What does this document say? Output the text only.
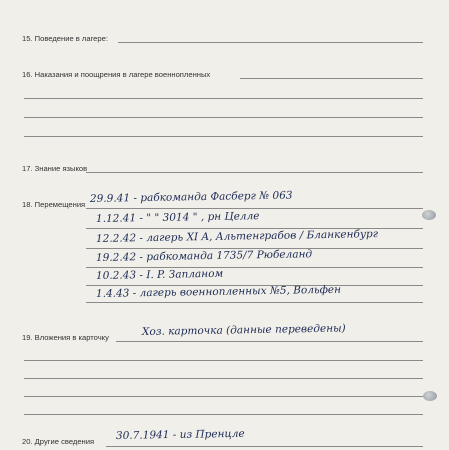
15. Поведение в лагере:
16. Наказания и поощрения в лагере военнопленных
17. Знание языков
18. Перемещения 29.9.41 - рабкоманда Фасберг № 063
1.12.41 - " " 3014 " , рн Целле
12.2.42 - лагерь XI A, Альтенграбов / Бланкенбург
19.2.42 - рабкоманда 1735/7 Рюбеланд
10.2.43 - I. P. Запланом
1.4.43 - лагерь военнопленных №5, Вольфен
19. Вложения в карточку	Хоз. карточка (данные переведены)
20. Другие сведения 30.7.1941 - из Пренцле
